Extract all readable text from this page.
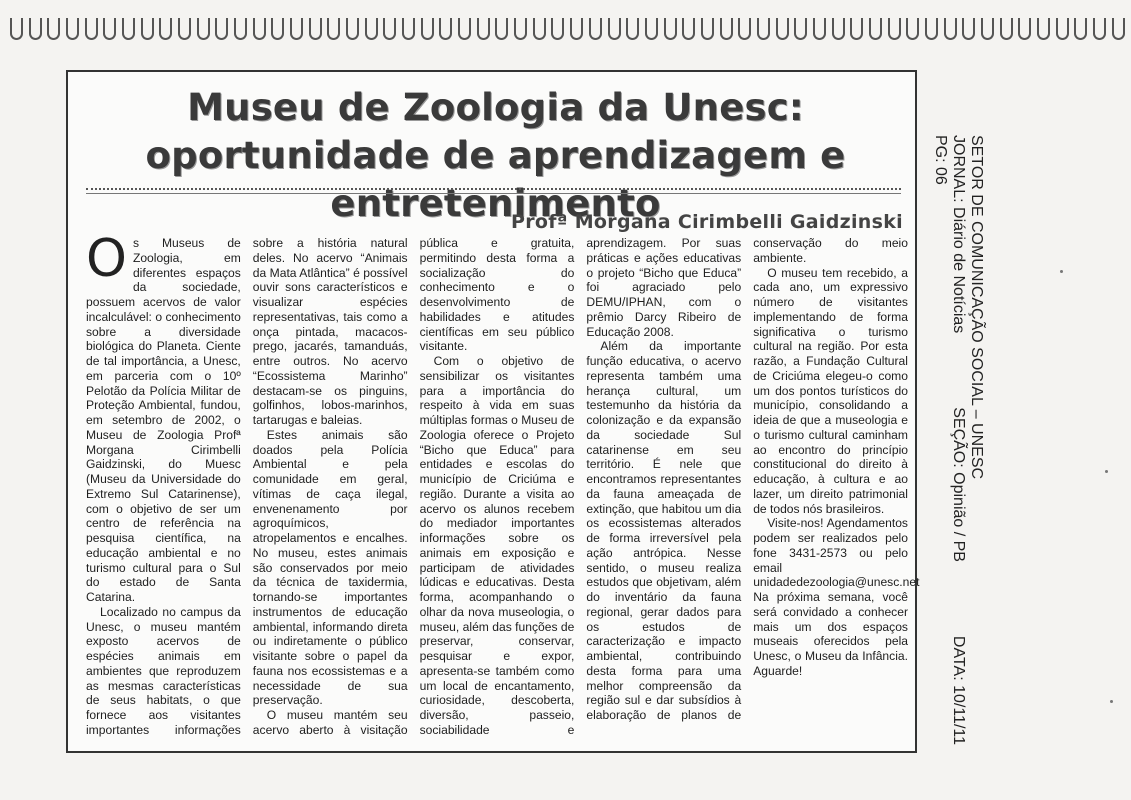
Museu de Zoologia da Unesc: oportunidade de aprendizagem e entretenimento

Profª Morgana Cirimbelli Gaidzinski

Os Museus de Zoologia, em diferentes espaços da sociedade, possuem acervos de valor incalculável: o conhecimento sobre a diversidade biológica do Planeta. Ciente de tal importância, a Unesc, em parceria com o 10º Pelotão da Polícia Militar de Proteção Ambiental, fundou, em setembro de 2002, o Museu de Zoologia Profª Morgana Cirimbelli Gaidzinski, do Muesc (Museu da Universidade do Extremo Sul Catarinense), com o objetivo de ser um centro de referência na pesquisa científica, na educação ambiental e no turismo cultural para o Sul do estado de Santa Catarina.

Localizado no campus da Unesc, o museu mantém exposto acervos de espécies animais em ambientes que reproduzem as mesmas características de seus habitats, o que fornece aos visitantes importantes informações sobre a história natural deles. No acervo “Animais da Mata Atlântica” é possível ouvir sons característicos e visualizar espécies representativas, tais como a onça pintada, macacos-prego, jacarés, tamanduás, entre outros. No acervo “Ecossistema Marinho” destacam-se os pinguins, golfinhos, lobos-marinhos, tartarugas e baleias.

Estes animais são doados pela Polícia Ambiental e pela comunidade em geral, vítimas de caça ilegal, envenenamento por agroquímicos, atropelamentos e encalhes. No museu, estes animais são conservados por meio da técnica de taxidermia, tornando-se importantes instrumentos de educação ambiental, informando direta ou indiretamente o público visitante sobre o papel da fauna nos ecossistemas e a necessidade de sua preservação.

O museu mantém seu acervo aberto à visitação pública e gratuita, permitindo desta forma a socialização do conhecimento e o desenvolvimento de habilidades e atitudes científicas em seu público visitante.

Com o objetivo de sensibilizar os visitantes para a importância do respeito à vida em suas múltiplas formas o Museu de Zoologia oferece o Projeto “Bicho que Educa” para entidades e escolas do município de Criciúma e região. Durante a visita ao acervo os alunos recebem do mediador importantes informações sobre os animais em exposição e participam de atividades lúdicas e educativas. Desta forma, acompanhando o olhar da nova museologia, o museu, além das funções de preservar, conservar, pesquisar e expor, apresenta-se também como um local de encantamento, curiosidade, descoberta, diversão, passeio, sociabilidade e aprendizagem. Por suas práticas e ações educativas o projeto “Bicho que Educa” foi agraciado pelo DEMU/IPHAN, com o prêmio Darcy Ribeiro de Educação 2008.

Além da importante função educativa, o acervo representa também uma herança cultural, um testemunho da história da colonização e da expansão da sociedade Sul catarinense em seu território. É nele que encontramos representantes da fauna ameaçada de extinção, que habitou um dia os ecossistemas alterados de forma irreversível pela ação antrópica. Nesse sentido, o museu realiza estudos que objetivam, além do inventário da fauna regional, gerar dados para os estudos de caracterização e impacto ambiental, contribuindo desta forma para uma melhor compreensão da região sul e dar subsídios à elaboração de planos de conservação do meio ambiente.

O museu tem recebido, a cada ano, um expressivo número de visitantes implementando de forma significativa o turismo cultural na região. Por esta razão, a Fundação Cultural de Criciúma elegeu-o como um dos pontos turísticos do município, consolidando a ideia de que a museologia e o turismo cultural caminham ao encontro do princípio constitucional do direito à educação, à cultura e ao lazer, um direito patrimonial de todos nós brasileiros.

Visite-nos! Agendamentos podem ser realizados pelo fone 3431-2573 ou pelo email unidadedezoologia@unesc.net Na próxima semana, você será convidado a conhecer mais um dos espaços museais oferecidos pela Unesc, o Museu da Infância. Aguarde!

SETOR DE COMUNICAÇÃO SOCIAL – UNESC
JORNAL: Diário de Notícias
SEÇÃO: Opinião / PB
DATA: 10/11/11
PG: 06
